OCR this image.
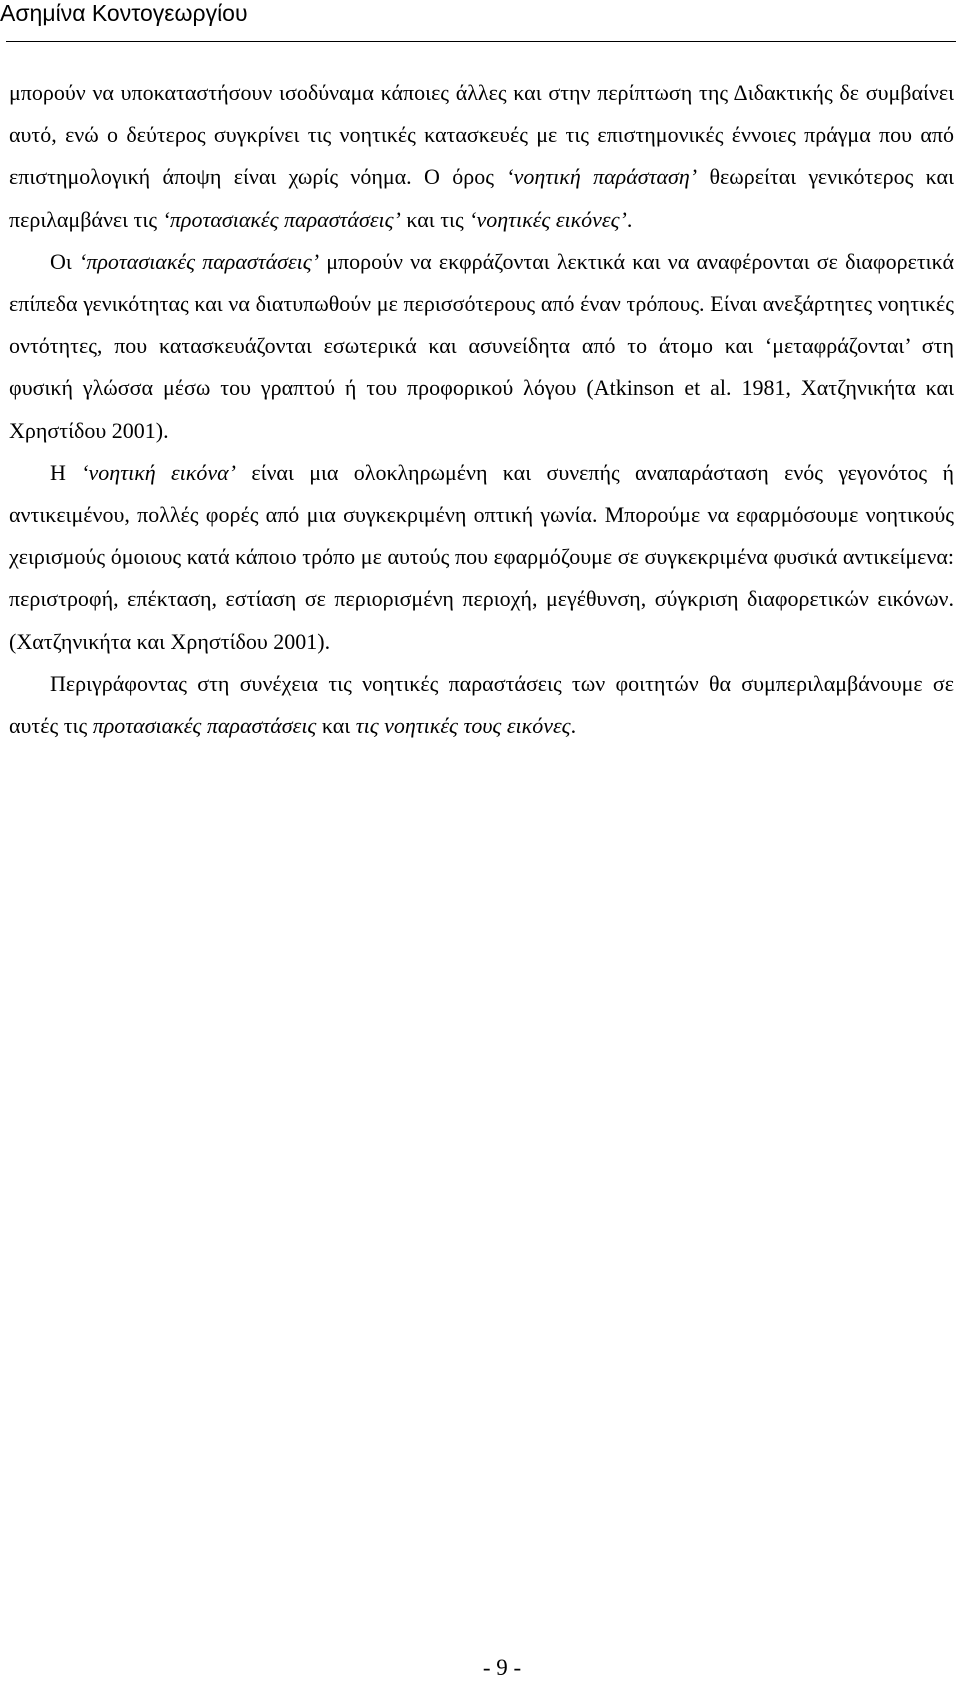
Ασημίνα Κοντογεωργίου

μπορούν να υποκαταστήσουν ισοδύναμα κάποιες άλλες και στην περίπτωση της Διδακτικής δε συμβαίνει αυτό, ενώ ο δεύτερος συγκρίνει τις νοητικές κατασκευές με τις επιστημονικές έννοιες πράγμα που από επιστημολογική άποψη είναι χωρίς νόημα. Ο όρος ‘νοητική παράσταση’ θεωρείται γενικότερος και περιλαμβάνει τις ‘προτασιακές παραστάσεις’ και τις ‘νοητικές εικόνες’.

Οι ‘προτασιακές παραστάσεις’ μπορούν να εκφράζονται λεκτικά και να αναφέρονται σε διαφορετικά επίπεδα γενικότητας και να διατυπωθούν με περισσότερους από έναν τρόπους. Είναι ανεξάρτητες νοητικές οντότητες, που κατασκευάζονται εσωτερικά και ασυνείδητα από το άτομο και ‘μεταφράζονται’ στη φυσική γλώσσα μέσω του γραπτού ή του προφορικού λόγου (Atkinson et al. 1981, Χατζηνικήτα και Χρηστίδου 2001).

Η ‘νοητική εικόνα’ είναι μια ολοκληρωμένη και συνεπής αναπαράσταση ενός γεγονότος ή αντικειμένου, πολλές φορές από μια συγκεκριμένη οπτική γωνία. Μπορούμε να εφαρμόσουμε νοητικούς χειρισμούς όμοιους κατά κάποιο τρόπο με αυτούς που εφαρμόζουμε σε συγκεκριμένα φυσικά αντικείμενα: περιστροφή, επέκταση, εστίαση σε περιορισμένη περιοχή, μεγέθυνση, σύγκριση διαφορετικών εικόνων. (Χατζηνικήτα και Χρηστίδου 2001).

Περιγράφοντας στη συνέχεια τις νοητικές παραστάσεις των φοιτητών θα συμπεριλαμβάνουμε σε αυτές τις προτασιακές παραστάσεις και τις νοητικές τους εικόνες.

- 9 -
